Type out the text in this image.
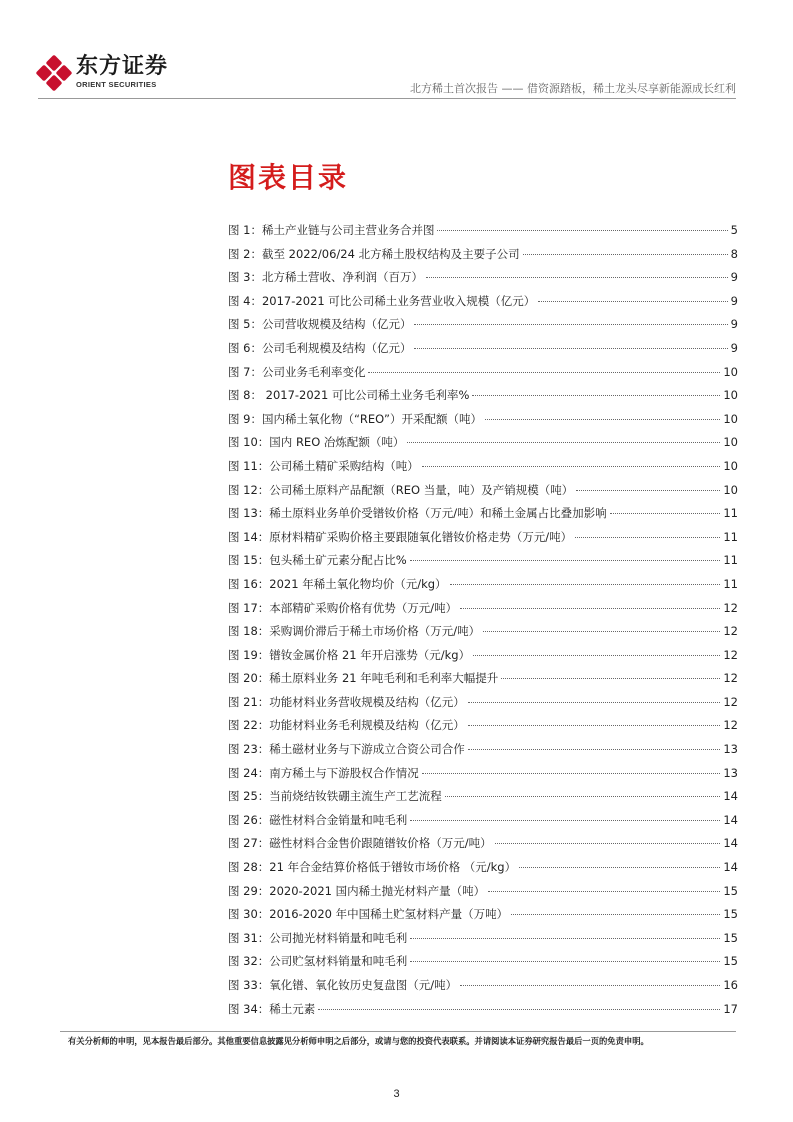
东方证券
ORIENT SECURITIES	北方稀土首次报告 —— 借资源踏板，稀土龙头尽享新能源成长红利
图表目录
图 1：稀土产业链与公司主营业务合并图	5
图 2：截至 2022/06/24 北方稀土股权结构及主要子公司	8
图 3：北方稀土营收、净利润（百万）	9
图 4：2017-2021 可比公司稀土业务营业收入规模（亿元）	9
图 5：公司营收规模及结构（亿元）	9
图 6：公司毛利规模及结构（亿元）	9
图 7：公司业务毛利率变化	10
图 8： 2017-2021 可比公司稀土业务毛利率%	10
图 9：国内稀土氧化物（“REO”）开采配额（吨）	10
图 10：国内 REO 冶炼配额（吨）	10
图 11：公司稀土精矿采购结构（吨）	10
图 12：公司稀土原料产品配额（REO 当量，吨）及产销规模（吨）	10
图 13：稀土原料业务单价受镨钕价格（万元/吨）和稀土金属占比叠加影响	11
图 14：原材料精矿采购价格主要跟随氧化镨钕价格走势（万元/吨）	11
图 15：包头稀土矿元素分配占比%	11
图 16：2021 年稀土氧化物均价（元/kg）	11
图 17：本部精矿采购价格有优势（万元/吨）	12
图 18：采购调价滞后于稀土市场价格（万元/吨）	12
图 19：镨钕金属价格 21 年开启涨势（元/kg）	12
图 20：稀土原料业务 21 年吨毛利和毛利率大幅提升	12
图 21：功能材料业务营收规模及结构（亿元）	12
图 22：功能材料业务毛利规模及结构（亿元）	12
图 23：稀土磁材业务与下游成立合资公司合作	13
图 24：南方稀土与下游股权合作情况	13
图 25：当前烧结钕铁硼主流生产工艺流程	14
图 26：磁性材料合金销量和吨毛利	14
图 27：磁性材料合金售价跟随镨钕价格（万元/吨）	14
图 28：21 年合金结算价格低于镨钕市场价格 （元/kg）	14
图 29：2020-2021 国内稀土抛光材料产量（吨）	15
图 30：2016-2020 年中国稀土贮氢材料产量（万吨）	15
图 31：公司抛光材料销量和吨毛利	15
图 32：公司贮氢材料销量和吨毛利	15
图 33：氧化镨、氧化钕历史复盘图（元/吨）	16
图 34：稀土元素	17
有关分析师的申明，见本报告最后部分。其他重要信息披露见分析师申明之后部分，或请与您的投资代表联系。并请阅读本证券研究报告最后一页的免责申明。
3
